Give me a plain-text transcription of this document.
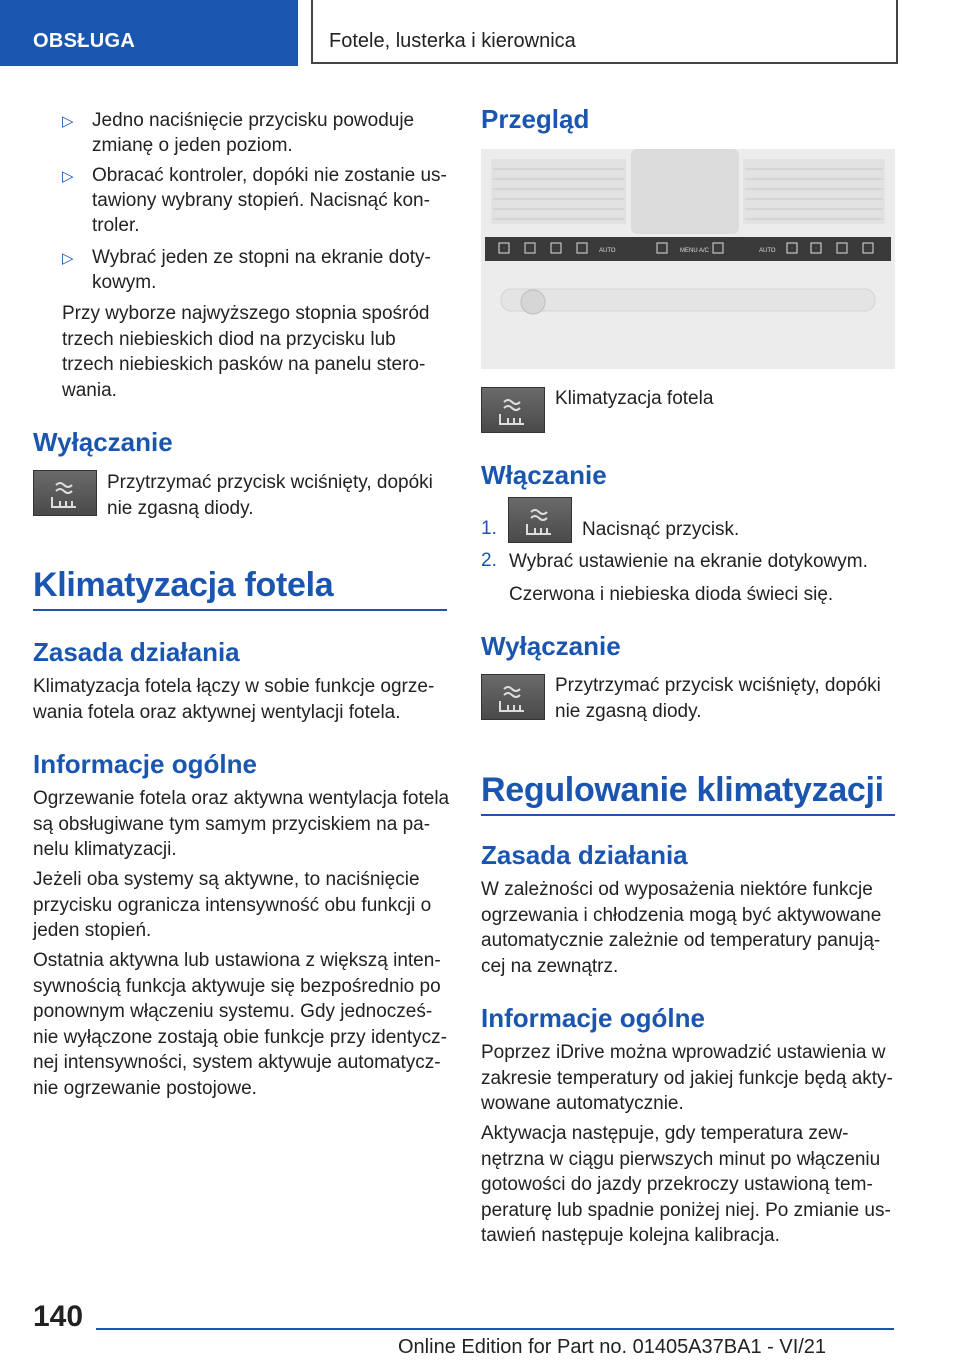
OBSŁUGA	Fotele, lusterka i kierownica
▷ Jedno naciśnięcie przycisku powoduje
zmianę o jeden poziom.
▷ Obracać kontroler, dopóki nie zostanie us‐
tawiony wybrany stopień. Nacisnąć kon‐
troler.
▷ Wybrać jeden ze stopni na ekranie doty‐
kowym.
Przy wyborze najwyższego stopnia spośród
trzech niebieskich diod na przycisku lub
trzech niebieskich pasków na panelu stero‐
wania.
Wyłączanie
Przytrzymać przycisk wciśnięty, dopóki
nie zgasną diody.
Klimatyzacja fotela
Zasada działania
Klimatyzacja fotela łączy w sobie funkcje ogrze‐
wania fotela oraz aktywnej wentylacji fotela.
Informacje ogólne
Ogrzewanie fotela oraz aktywna wentylacja fotela
są obsługiwane tym samym przyciskiem na pa‐
nelu klimatyzacji.
Jeżeli oba systemy są aktywne, to naciśnięcie
przycisku ogranicza intensywność obu funkcji o
jeden stopień.
Ostatnia aktywna lub ustawiona z większą inten‐
sywnością funkcja aktywuje się bezpośrednio po
ponownym włączeniu systemu. Gdy jednocześ‐
nie wyłączone zostają obie funkcje przy identycz‐
nej intensywności, system aktywuje automatycz‐
nie ogrzewanie postojowe.
Przegląd
AUTO	MENU A/C	AUTO
Klimatyzacja fotela
Włączanie
1.	Nacisnąć przycisk.
2. Wybrać ustawienie na ekranie dotykowym.
Czerwona i niebieska dioda świeci się.
Wyłączanie
Przytrzymać przycisk wciśnięty, dopóki
nie zgasną diody.
Regulowanie klimatyzacji
Zasada działania
W zależności od wyposażenia niektóre funkcje
ogrzewania i chłodzenia mogą być aktywowane
automatycznie zależnie od temperatury panują‐
cej na zewnątrz.
Informacje ogólne
Poprzez iDrive można wprowadzić ustawienia w
zakresie temperatury od jakiej funkcje będą akty‐
wowane automatycznie.
Aktywacja następuje, gdy temperatura zew‐
nętrzna w ciągu pierwszych minut po włączeniu
gotowości do jazdy przekroczy ustawioną tem‐
peraturę lub spadnie poniżej niej. Po zmianie us‐
tawień następuje kolejna kalibracja.
140
Online Edition for Part no. 01405A37BA1 - VI/21
